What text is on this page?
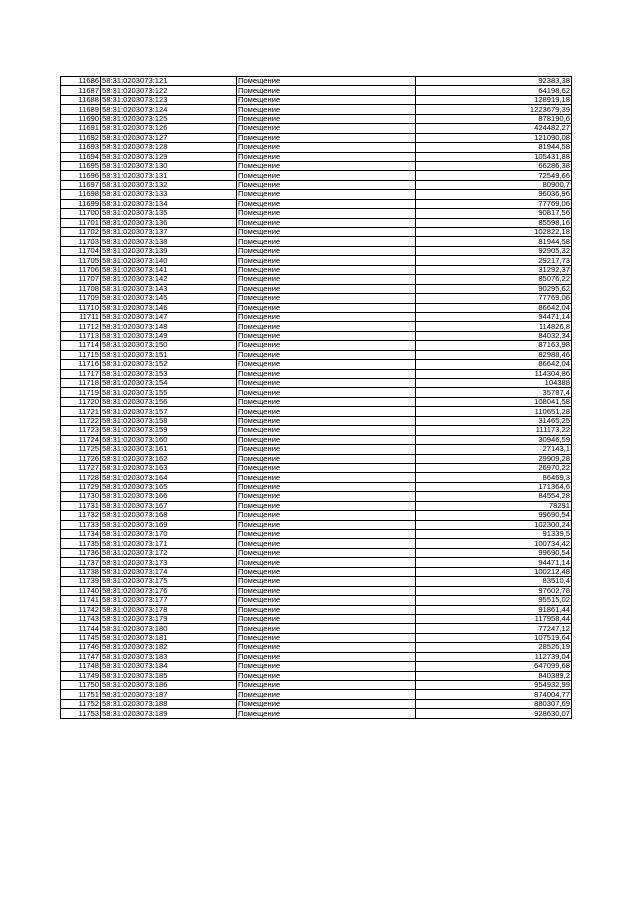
11686	58:31:0203073:121	Помещение	92383,38
11687	58:31:0203073:122	Помещение	64198,62
11688	58:31:0203073:123	Помещение	128919,18
11689	58:31:0203073:124	Помещение	1223679,39
11690	58:31:0203073:125	Помещение	878190,6
11691	58:31:0203073:126	Помещение	424482,27
11692	58:31:0203073:127	Помещение	121090,08
11693	58:31:0203073:128	Помещение	81944,58
11694	58:31:0203073:129	Помещение	105431,88
11695	58:31:0203073:130	Помещение	66286,38
11696	58:31:0203073:131	Помещение	72549,66
11697	58:31:0203073:132	Помещение	80900,7
11698	58:31:0203073:133	Помещение	96036,96
11699	58:31:0203073:134	Помещение	77769,06
11700	58:31:0203073:135	Помещение	90817,56
11701	58:31:0203073:136	Помещение	85598,16
11702	58:31:0203073:137	Помещение	102822,18
11703	58:31:0203073:138	Помещение	81944,58
11704	58:31:0203073:139	Помещение	92905,32
11705	58:31:0203073:140	Помещение	29217,73
11706	58:31:0203073:141	Помещение	31292,37
11707	58:31:0203073:142	Помещение	85076,22
11708	58:31:0203073:143	Помещение	90295,62
11709	58:31:0203073:145	Помещение	77769,06
11710	58:31:0203073:146	Помещение	86642,04
11711	58:31:0203073:147	Помещение	94471,14
11712	58:31:0203073:148	Помещение	114826,8
11713	58:31:0203073:149	Помещение	84032,34
11714	58:31:0203073:150	Помещение	87163,98
11715	58:31:0203073:151	Помещение	82988,46
11716	58:31:0203073:152	Помещение	86642,04
11717	58:31:0203073:153	Помещение	114304,86
11718	58:31:0203073:154	Помещение	104388
11719	58:31:0203073:155	Помещение	35787,4
11720	58:31:0203073:156	Помещение	108041,58
11721	58:31:0203073:157	Помещение	110651,28
11722	58:31:0203073:158	Помещение	31465,25
11723	58:31:0203073:159	Помещение	111173,22
11724	58:31:0203073:160	Помещение	30946,59
11725	58:31:0203073:161	Помещение	27143,1
11726	58:31:0203073:162	Помещение	29909,28
11727	58:31:0203073:163	Помещение	26970,22
11728	58:31:0203073:164	Помещение	86469,3
11729	58:31:0203073:165	Помещение	171364,6
11730	58:31:0203073:166	Помещение	84554,28
11731	58:31:0203073:167	Помещение	78291
11732	58:31:0203073:168	Помещение	99690,54
11733	58:31:0203073:169	Помещение	102300,24
11734	58:31:0203073:170	Помещение	91339,5
11735	58:31:0203073:171	Помещение	100734,42
11736	58:31:0203073:172	Помещение	99690,54
11737	58:31:0203073:173	Помещение	94471,14
11738	58:31:0203073:174	Помещение	100212,48
11739	58:31:0203073:175	Помещение	83510,4
11740	58:31:0203073:176	Помещение	97602,78
11741	58:31:0203073:177	Помещение	95515,02
11742	58:31:0203073:178	Помещение	91861,44
11743	58:31:0203073:179	Помещение	117958,44
11744	58:31:0203073:180	Помещение	77247,12
11745	58:31:0203073:181	Помещение	107519,64
11746	58:31:0203073:182	Помещение	28526,19
11747	58:31:0203073:183	Помещение	112739,04
11748	58:31:0203073:184	Помещение	647099,68
11749	58:31:0203073:185	Помещение	840389,2
11750	58:31:0203073:186	Помещение	954932,99
11751	58:31:0203073:187	Помещение	874004,77
11752	58:31:0203073:188	Помещение	880307,69
11753	58:31:0203073:189	Помещение	928630,07
